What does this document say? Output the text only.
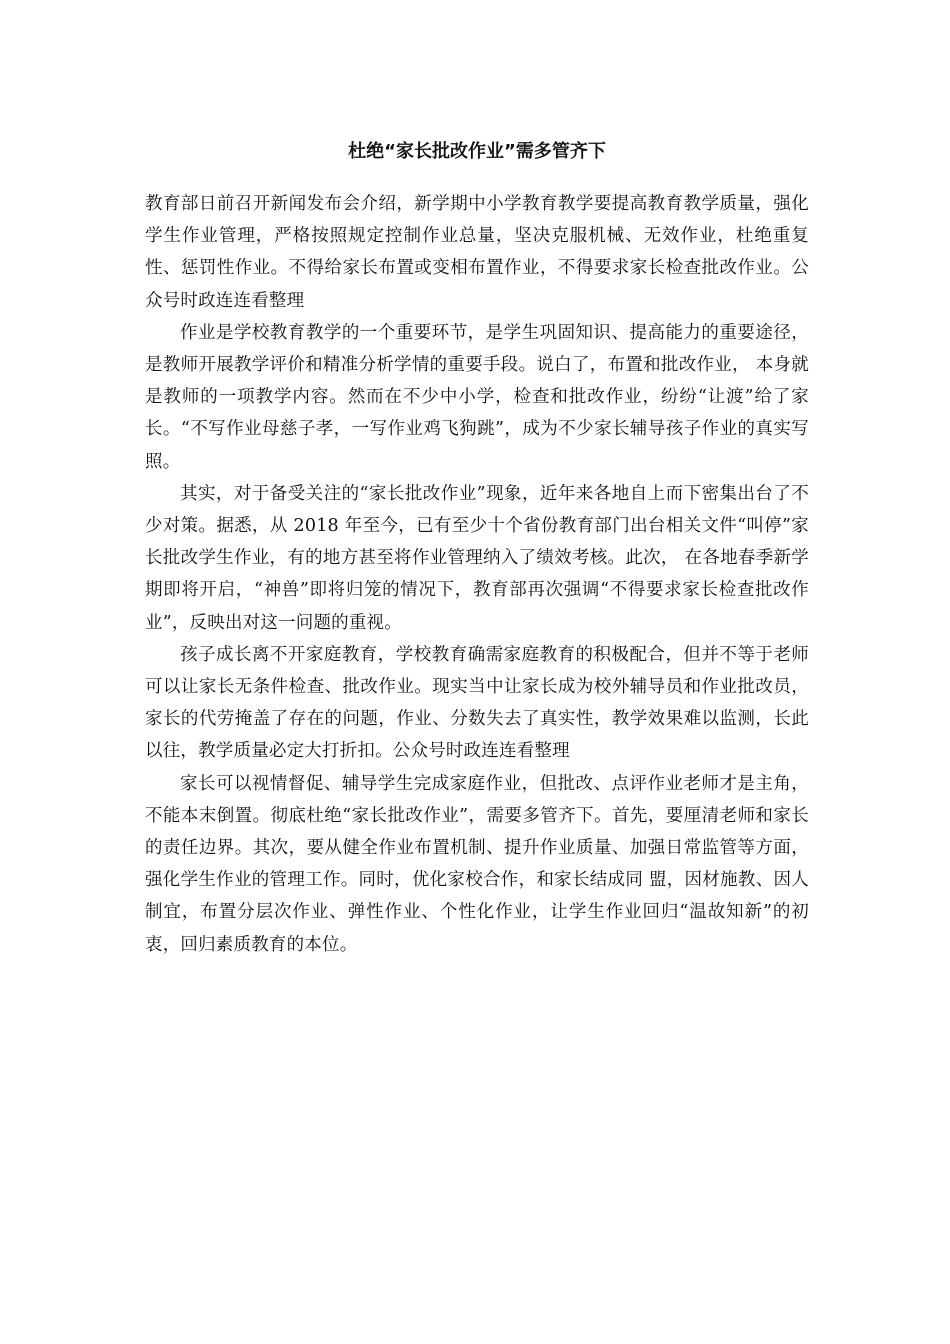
杜绝“家长批改作业”需多管齐下

教育部日前召开新闻发布会介绍，新学期中小学教育教学要提高教育教学质量，强化学生作业管理，严格按照规定控制作业总量，坚决克服机械、无效作业，杜绝重复性、惩罚性作业。不得给家长布置或变相布置作业，不得要求家长检查批改作业。公众号时政连连看整理

作业是学校教育教学的一个重要环节，是学生巩固知识、提高能力的重要途径，是教师开展教学评价和精准分析学情的重要手段。说白了，布置和批改作业， 本身就是教师的一项教学内容。然而在不少中小学，检查和批改作业，纷纷“让渡”给了家长。“不写作业母慈子孝，一写作业鸡飞狗跳”，成为不少家长辅导孩子作业的真实写照。

其实，对于备受关注的“家长批改作业”现象，近年来各地自上而下密集出台了不少对策。据悉，从 2018 年至今，已有至少十个省份教育部门出台相关文件“叫停”家长批改学生作业，有的地方甚至将作业管理纳入了绩效考核。此次， 在各地春季新学期即将开启，“神兽”即将归笼的情况下，教育部再次强调“不得要求家长检查批改作业”，反映出对这一问题的重视。

孩子成长离不开家庭教育，学校教育确需家庭教育的积极配合，但并不等于老师可以让家长无条件检查、批改作业。现实当中让家长成为校外辅导员和作业批改员，家长的代劳掩盖了存在的问题，作业、分数失去了真实性，教学效果难以监测，长此以往，教学质量必定大打折扣。公众号时政连连看整理

家长可以视情督促、辅导学生完成家庭作业，但批改、点评作业老师才是主角，不能本末倒置。彻底杜绝“家长批改作业”，需要多管齐下。首先，要厘清老师和家长的责任边界。其次，要从健全作业布置机制、提升作业质量、加强日常监管等方面，强化学生作业的管理工作。同时，优化家校合作，和家长结成同 盟，因材施教、因人制宜，布置分层次作业、弹性作业、个性化作业，让学生作业回归“温故知新”的初衷，回归素质教育的本位。
